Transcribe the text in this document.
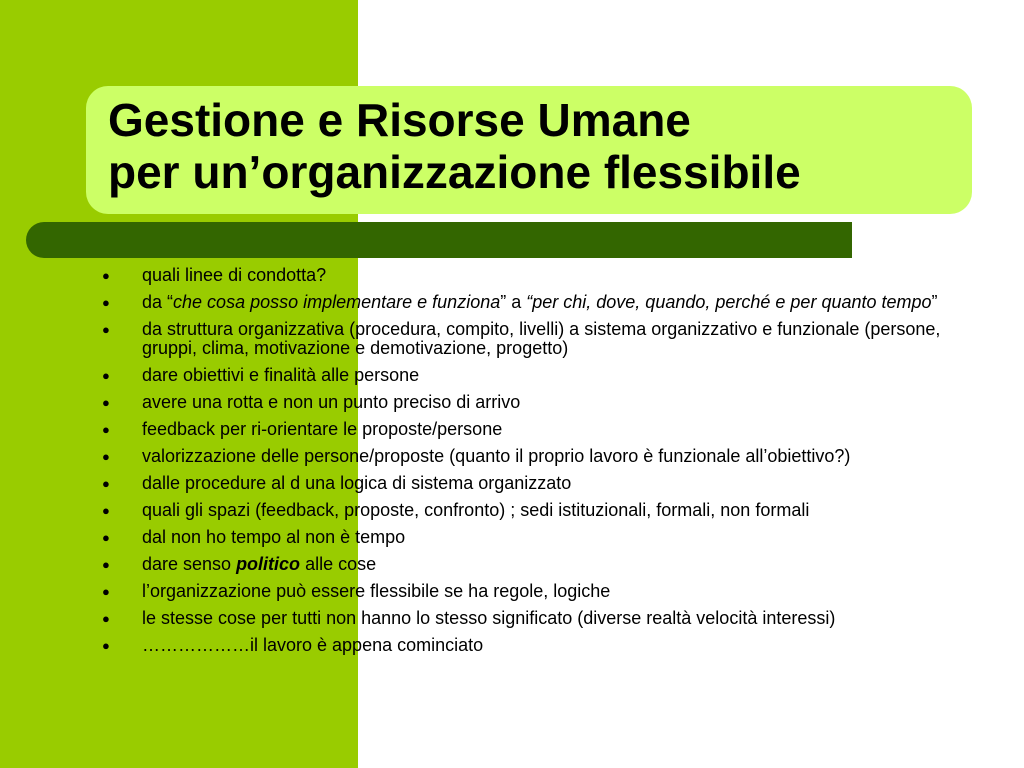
Gestione e Risorse Umane
per un’organizzazione flessibile
●	quali linee di condotta?
●	da “che cosa posso implementare e funziona” a “per chi, dove, quando, perché e per quanto tempo”
●	da struttura organizzativa (procedura, compito, livelli) a sistema organizzativo e funzionale (persone, gruppi, clima, motivazione e demotivazione, progetto)
●	dare obiettivi e finalità alle persone
●	avere una rotta e non un punto preciso di arrivo
●	feedback per ri-orientare le proposte/persone
●	valorizzazione delle persone/proposte (quanto il proprio lavoro è funzionale all’obiettivo?)
●	dalle procedure al d una logica di sistema organizzato
●	quali gli spazi (feedback, proposte, confronto) ; sedi istituzionali, formali, non formali
●	dal non ho tempo al non è tempo
●	dare senso politico alle cose
●	l’organizzazione può essere flessibile se ha regole, logiche
●	le stesse cose per tutti non hanno lo stesso significato (diverse realtà velocità interessi)
●	………………il lavoro è appena cominciato
